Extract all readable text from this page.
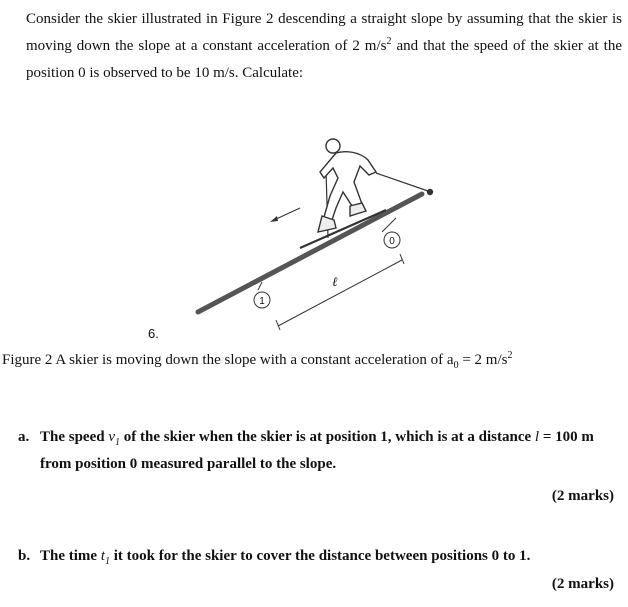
Consider the skier illustrated in Figure 2 descending a straight slope by assuming that the skier is moving down the slope at a constant acceleration of 2 $m/s^2$ and that the speed of the skier at the position 0 is observed to be 10 m/s. Calculate:

0
1
ℓ
6.

Figure 2 A skier is moving down the slope with a constant acceleration of $a_0 = 2$ $m/s^2$

a. The speed $v_1$ of the skier when the skier is at position 1, which is at a distance l = 100 m from position 0 measured parallel to the slope.
(2 marks)
b. The time $t_1$ it took for the skier to cover the distance between positions 0 to 1.
(2 marks)
